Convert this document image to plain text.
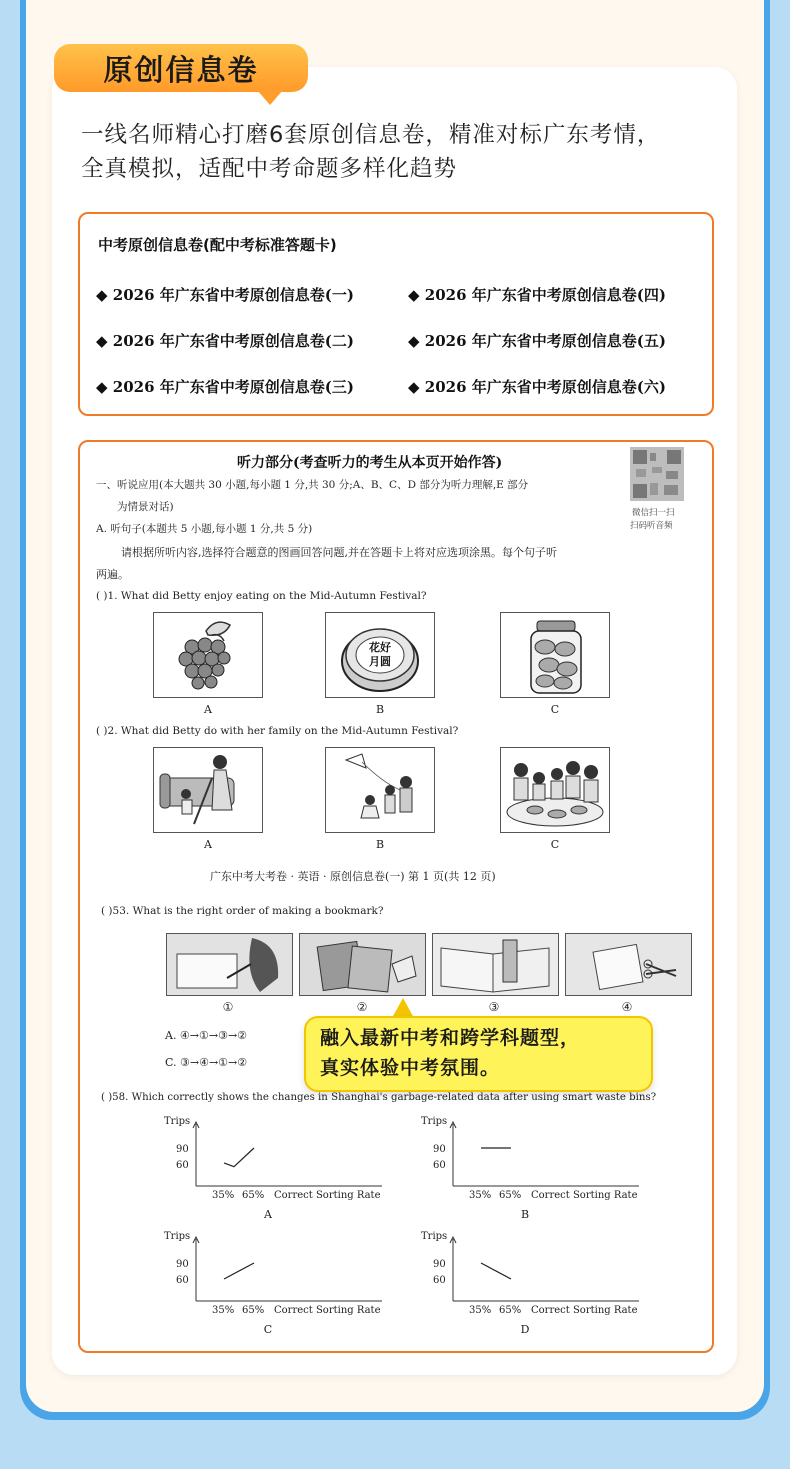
原创信息卷
一线名师精心打磨6套原创信息卷，精准对标广东考情，
全真模拟，适配中考命题多样化趋势
中考原创信息卷(配中考标准答题卡)
◆ 2026 年广东省中考原创信息卷(一)	◆ 2026 年广东省中考原创信息卷(四)
◆ 2026 年广东省中考原创信息卷(二)	◆ 2026 年广东省中考原创信息卷(五)
◆ 2026 年广东省中考原创信息卷(三)	◆ 2026 年广东省中考原创信息卷(六)
听力部分(考查听力的考生从本页开始作答)
微信扫一扫
扫码听音频
一、听说应用(本大题共 30 小题,每小题 1 分,共 30 分;A、B、C、D 部分为听力理解,E 部分
为情景对话)
A. 听句子(本题共 5 小题,每小题 1 分,共 5 分)
请根据所听内容,选择符合题意的图画回答问题,并在答题卡上将对应选项涂黑。每个句子听
两遍。
( )1. What did Betty enjoy eating on the Mid-Autumn Festival?
花好
月圆
A	B	C
( )2. What did Betty do with her family on the Mid-Autumn Festival?
A	B	C
广东中考大考卷 · 英语 · 原创信息卷(一) 第 1 页(共 12 页)
( )53. What is the right order of making a bookmark?
①	②	③	④
A. ④→①→③→②
C. ③→④→①→②
( )58. Which correctly shows the changes in Shanghai's garbage-related data after using smart waste bins?
Trips
90
60
35% 65% Correct Sorting Rate
A
Trips
90
60
35% 65% Correct Sorting Rate
B
Trips
90
60
35% 65% Correct Sorting Rate
C
Trips
90
60
35% 65% Correct Sorting Rate
D
融入最新中考和跨学科题型，
真实体验中考氛围。
